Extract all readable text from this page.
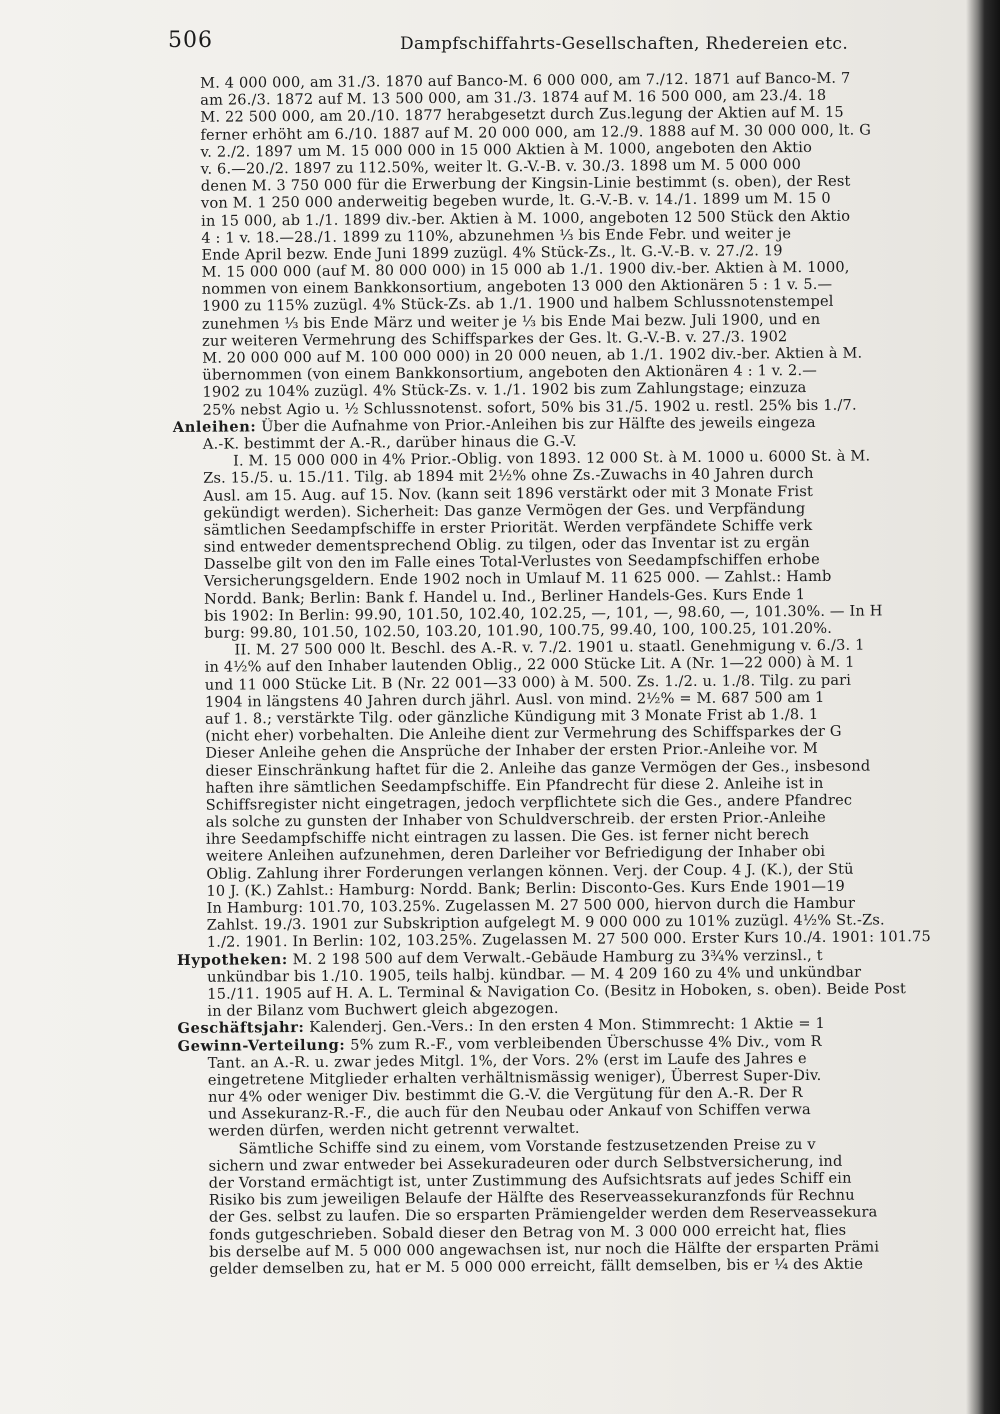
506	Dampfschiffahrts-Gesellschaften, Rhedereien etc.
M. 4 000 000, am 31./3. 1870 auf Banco-M. 6 000 000, am 7./12. 1871 auf Banco-M. 7
am 26./3. 1872 auf M. 13 500 000, am 31./3. 1874 auf M. 16 500 000, am 23./4. 18
M. 22 500 000, am 20./10. 1877 herabgesetzt durch Zus.legung der Aktien auf M. 15
ferner erhöht am 6./10. 1887 auf M. 20 000 000, am 12./9. 1888 auf M. 30 000 000, lt. G
v. 2./2. 1897 um M. 15 000 000 in 15 000 Aktien à M. 1000, angeboten den Aktio
v. 6.—20./2. 1897 zu 112.50%, weiter lt. G.-V.-B. v. 30./3. 1898 um M. 5 000 000
denen M. 3 750 000 für die Erwerbung der Kingsin-Linie bestimmt (s. oben), der Rest
von M. 1 250 000 anderweitig begeben wurde, lt. G.-V.-B. v. 14./1. 1899 um M. 15 0
in 15 000, ab 1./1. 1899 div.-ber. Aktien à M. 1000, angeboten 12 500 Stück den Aktio
4 : 1 v. 18.—28./1. 1899 zu 110%, abzunehmen ⅓ bis Ende Febr. und weiter je
Ende April bezw. Ende Juni 1899 zuzügl. 4% Stück-Zs., lt. G.-V.-B. v. 27./2. 19
M. 15 000 000 (auf M. 80 000 000) in 15 000 ab 1./1. 1900 div.-ber. Aktien à M. 1000,
nommen von einem Bankkonsortium, angeboten 13 000 den Aktionären 5 : 1 v. 5.—
1900 zu 115% zuzügl. 4% Stück-Zs. ab 1./1. 1900 und halbem Schlussnotenstempel
zunehmen ⅓ bis Ende März und weiter je ⅓ bis Ende Mai bezw. Juli 1900, und en
zur weiteren Vermehrung des Schiffsparkes der Ges. lt. G.-V.-B. v. 27./3. 1902
M. 20 000 000 auf M. 100 000 000) in 20 000 neuen, ab 1./1. 1902 div.-ber. Aktien à M.
übernommen (von einem Bankkonsortium, angeboten den Aktionären 4 : 1 v. 2.—
1902 zu 104% zuzügl. 4% Stück-Zs. v. 1./1. 1902 bis zum Zahlungstage; einzuza
25% nebst Agio u. ½ Schlussnotenst. sofort, 50% bis 31./5. 1902 u. restl. 25% bis 1./7.
Anleihen: Über die Aufnahme von Prior.-Anleihen bis zur Hälfte des jeweils eingeza
A.-K. bestimmt der A.-R., darüber hinaus die G.-V.
I. M. 15 000 000 in 4% Prior.-Oblig. von 1893. 12 000 St. à M. 1000 u. 6000 St. à M.
Zs. 15./5. u. 15./11. Tilg. ab 1894 mit 2½% ohne Zs.-Zuwachs in 40 Jahren durch
Ausl. am 15. Aug. auf 15. Nov. (kann seit 1896 verstärkt oder mit 3 Monate Frist
gekündigt werden). Sicherheit: Das ganze Vermögen der Ges. und Verpfändung
sämtlichen Seedampfschiffe in erster Priorität. Werden verpfändete Schiffe verk
sind entweder dementsprechend Oblig. zu tilgen, oder das Inventar ist zu ergän
Dasselbe gilt von den im Falle eines Total-Verlustes von Seedampfschiffen erhobe
Versicherungsgeldern. Ende 1902 noch in Umlauf M. 11 625 000. — Zahlst.: Hamb
Nordd. Bank; Berlin: Bank f. Handel u. Ind., Berliner Handels-Ges. Kurs Ende 1
bis 1902: In Berlin: 99.90, 101.50, 102.40, 102.25, —, 101, —, 98.60, —, 101.30%. — In H
burg: 99.80, 101.50, 102.50, 103.20, 101.90, 100.75, 99.40, 100, 100.25, 101.20%.
II. M. 27 500 000 lt. Beschl. des A.-R. v. 7./2. 1901 u. staatl. Genehmigung v. 6./3. 1
in 4½% auf den Inhaber lautenden Oblig., 22 000 Stücke Lit. A (Nr. 1—22 000) à M. 1
und 11 000 Stücke Lit. B (Nr. 22 001—33 000) à M. 500. Zs. 1./2. u. 1./8. Tilg. zu pari
1904 in längstens 40 Jahren durch jährl. Ausl. von mind. 2½% = M. 687 500 am 1
auf 1. 8.; verstärkte Tilg. oder gänzliche Kündigung mit 3 Monate Frist ab 1./8. 1
(nicht eher) vorbehalten. Die Anleihe dient zur Vermehrung des Schiffsparkes der G
Dieser Anleihe gehen die Ansprüche der Inhaber der ersten Prior.-Anleihe vor. M
dieser Einschränkung haftet für die 2. Anleihe das ganze Vermögen der Ges., insbesond
haften ihre sämtlichen Seedampfschiffe. Ein Pfandrecht für diese 2. Anleihe ist in
Schiffsregister nicht eingetragen, jedoch verpflichtete sich die Ges., andere Pfandrec
als solche zu gunsten der Inhaber von Schuldverschreib. der ersten Prior.-Anleihe
ihre Seedampfschiffe nicht eintragen zu lassen. Die Ges. ist ferner nicht berech
weitere Anleihen aufzunehmen, deren Darleiher vor Befriedigung der Inhaber obi
Oblig. Zahlung ihrer Forderungen verlangen können. Verj. der Coup. 4 J. (K.), der Stü
10 J. (K.) Zahlst.: Hamburg: Nordd. Bank; Berlin: Disconto-Ges. Kurs Ende 1901—19
In Hamburg: 101.70, 103.25%. Zugelassen M. 27 500 000, hiervon durch die Hambur
Zahlst. 19./3. 1901 zur Subskription aufgelegt M. 9 000 000 zu 101% zuzügl. 4½% St.-Zs.
1./2. 1901. In Berlin: 102, 103.25%. Zugelassen M. 27 500 000. Erster Kurs 10./4. 1901: 101.75
Hypotheken: M. 2 198 500 auf dem Verwalt.-Gebäude Hamburg zu 3¾% verzinsl., t
unkündbar bis 1./10. 1905, teils halbj. kündbar. — M. 4 209 160 zu 4% und unkündbar
15./11. 1905 auf H. A. L. Terminal & Navigation Co. (Besitz in Hoboken, s. oben). Beide Post
in der Bilanz vom Buchwert gleich abgezogen.
Geschäftsjahr: Kalenderj. Gen.-Vers.: In den ersten 4 Mon. Stimmrecht: 1 Aktie = 1
Gewinn-Verteilung: 5% zum R.-F., vom verbleibenden Überschusse 4% Div., vom R
Tant. an A.-R. u. zwar jedes Mitgl. 1%, der Vors. 2% (erst im Laufe des Jahres e
eingetretene Mitglieder erhalten verhältnismässig weniger), Überrest Super-Div.
nur 4% oder weniger Div. bestimmt die G.-V. die Vergütung für den A.-R. Der R
und Assekuranz-R.-F., die auch für den Neubau oder Ankauf von Schiffen verwa
werden dürfen, werden nicht getrennt verwaltet.
Sämtliche Schiffe sind zu einem, vom Vorstande festzusetzenden Preise zu v
sichern und zwar entweder bei Assekuradeuren oder durch Selbstversicherung, ind
der Vorstand ermächtigt ist, unter Zustimmung des Aufsichtsrats auf jedes Schiff ein
Risiko bis zum jeweiligen Belaufe der Hälfte des Reserveassekuranzfonds für Rechnu
der Ges. selbst zu laufen. Die so ersparten Prämiengelder werden dem Reserveassekura
fonds gutgeschrieben. Sobald dieser den Betrag von M. 3 000 000 erreicht hat, flies
bis derselbe auf M. 5 000 000 angewachsen ist, nur noch die Hälfte der ersparten Prämi
gelder demselben zu, hat er M. 5 000 000 erreicht, fällt demselben, bis er ¼ des Aktie
